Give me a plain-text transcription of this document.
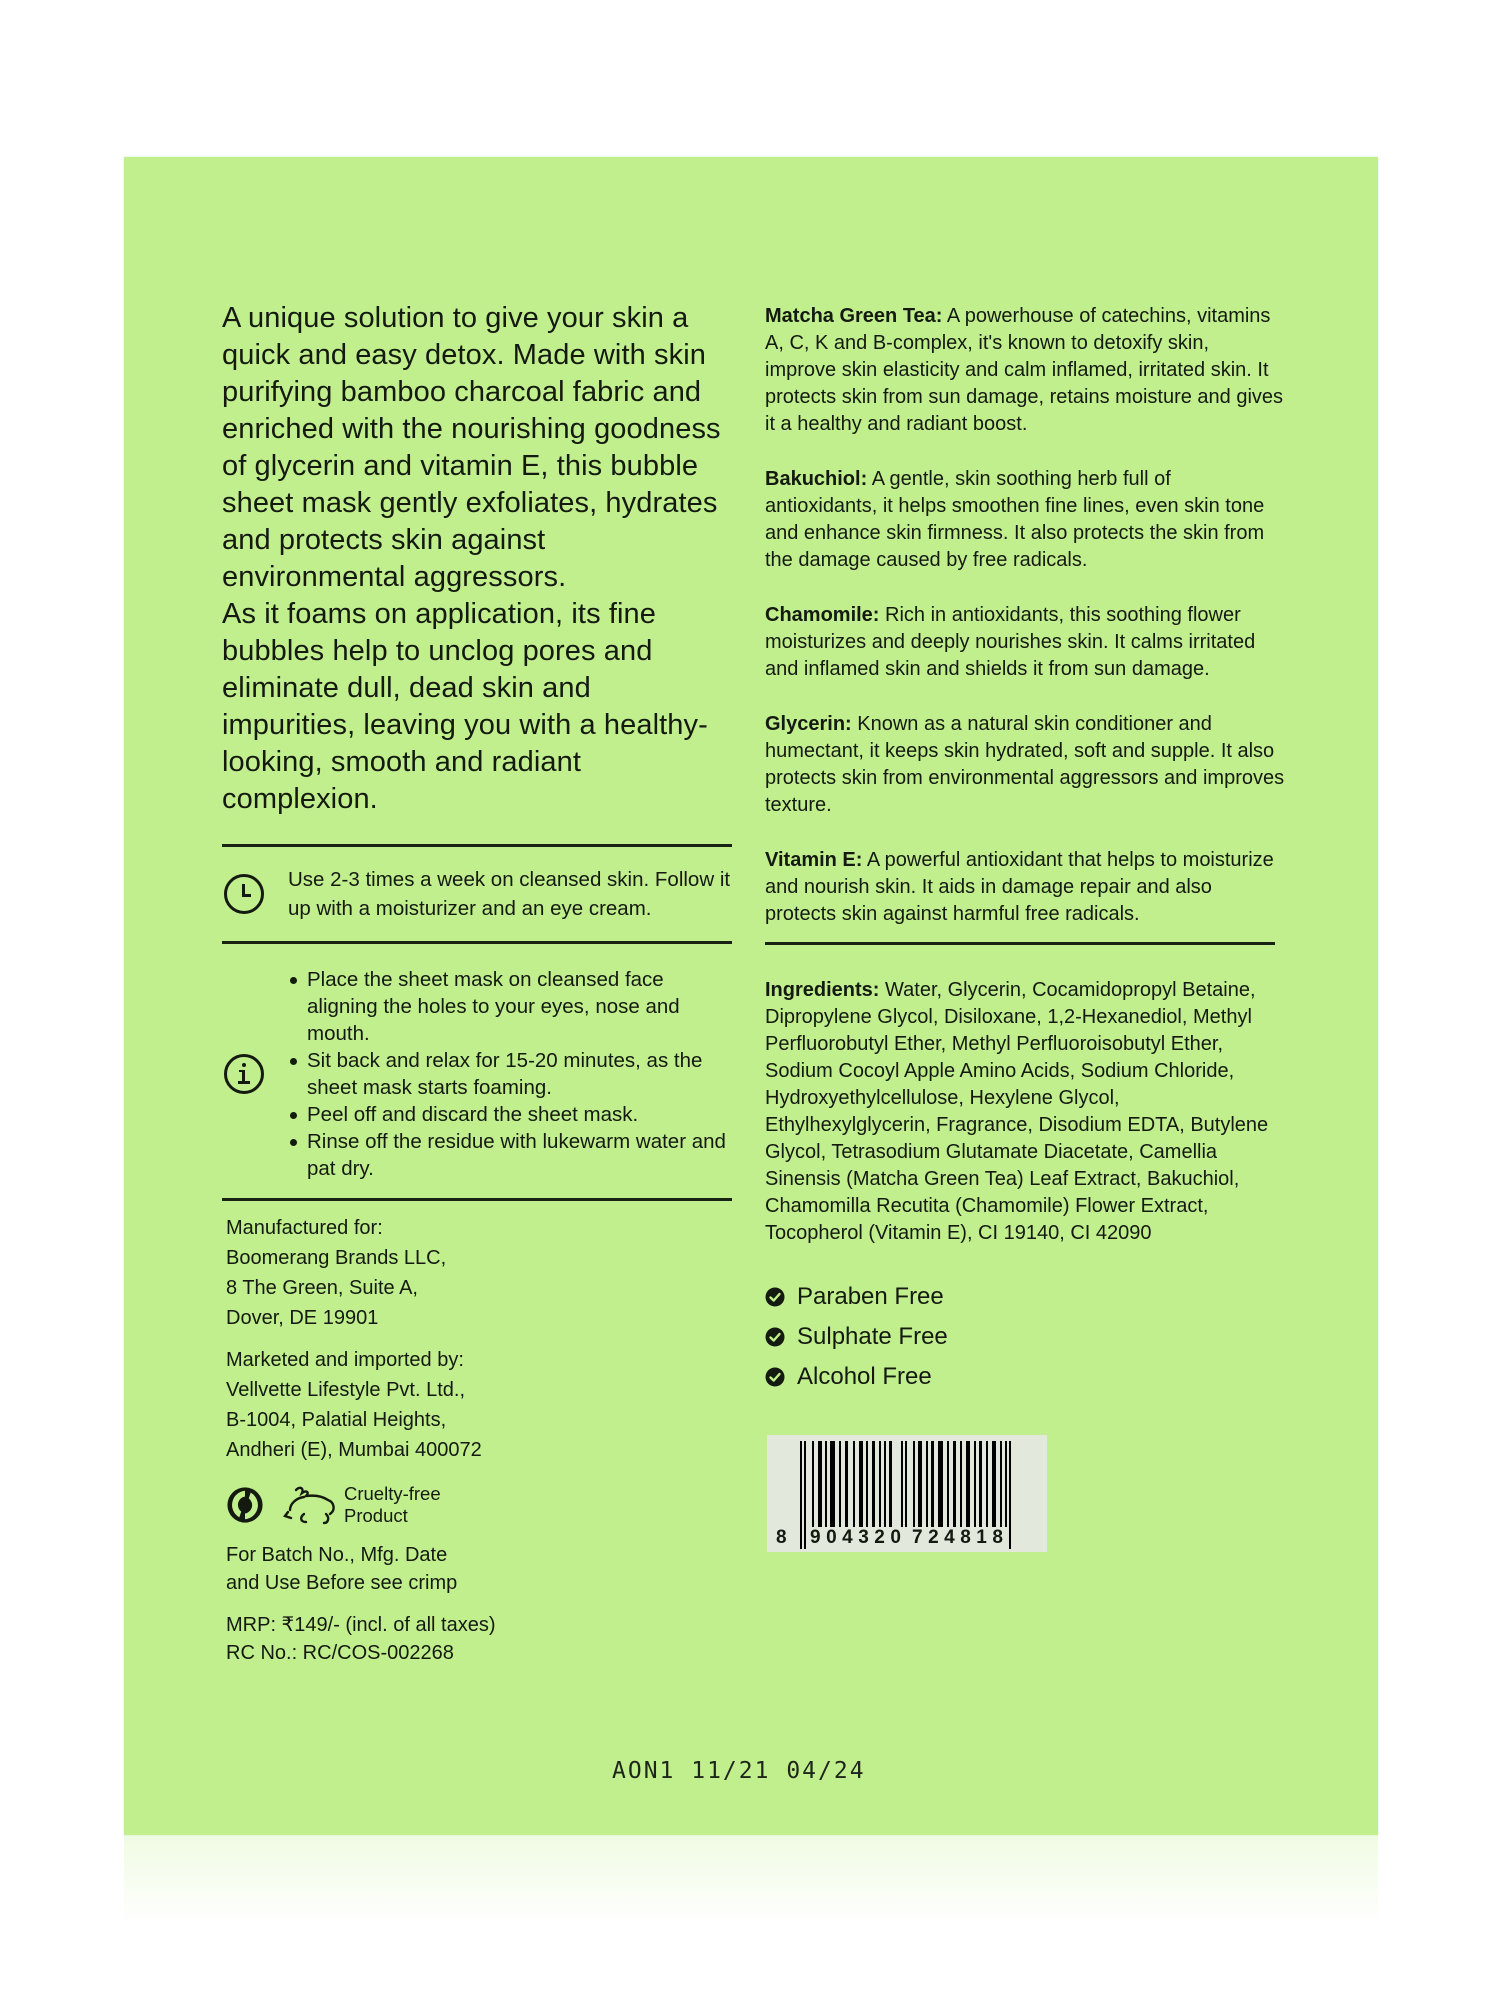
A unique solution to give your skin a quick and easy detox. Made with skin purifying bamboo charcoal fabric and enriched with the nourishing goodness of glycerin and vitamin E, this bubble sheet mask gently exfoliates, hydrates and protects skin against environmental aggressors.

As it foams on application, its fine bubbles help to unclog pores and eliminate dull, dead skin and impurities, leaving you with a healthy-looking, smooth and radiant complexion.

Use 2-3 times a week on cleansed skin. Follow it up with a moisturizer and an eye cream.
Place the sheet mask on cleansed face aligning the holes to your eyes, nose and mouth.
Sit back and relax for 15-20 minutes, as the sheet mask starts foaming.
Peel off and discard the sheet mask.
Rinse off the residue with lukewarm water and pat dry.

Manufactured for:

Boomerang Brands LLC,

8 The Green, Suite A,

Dover, DE 19901

Marketed and imported by:

Vellvette Lifestyle Pvt. Ltd.,

B-1004, Palatial Heights,

Andheri (E), Mumbai 400072

Cruelty-free
Product
For Batch No., Mfg. Date
and Use Before see crimp
MRP: ₹149/- (incl. of all taxes)
RC No.: RC/COS-002268

Matcha Green Tea: A powerhouse of catechins, vitamins A, C, K and B-complex, it's known to detoxify skin, improve skin elasticity and calm inflamed, irritated skin. It protects skin from sun damage, retains moisture and gives it a healthy and radiant boost.

Bakuchiol: A gentle, skin soothing herb full of antioxidants, it helps smoothen fine lines, even skin tone and enhance skin firmness. It also protects the skin from the damage caused by free radicals.

Chamomile: Rich in antioxidants, this soothing flower moisturizes and deeply nourishes skin. It calms irritated and inflamed skin and shields it from sun damage.

Glycerin: Known as a natural skin conditioner and humectant, it keeps skin hydrated, soft and supple. It also protects skin from environmental aggressors and improves texture.

Vitamin E: A powerful antioxidant that helps to moisturize and nourish skin. It aids in damage repair and also protects skin against harmful free radicals.

Ingredients: Water, Glycerin, Cocamidopropyl Betaine, Dipropylene Glycol, Disiloxane, 1,2-Hexanediol, Methyl Perfluorobutyl Ether, Methyl Perfluoroisobutyl Ether, Sodium Cocoyl Apple Amino Acids, Sodium Chloride, Hydroxyethylcellulose, Hexylene Glycol, Ethylhexylglycerin, Fragrance, Disodium EDTA, Butylene Glycol, Tetrasodium Glutamate Diacetate, Camellia Sinensis (Matcha Green Tea) Leaf Extract, Bakuchiol, Chamomilla Recutita (Chamomile) Flower Extract, Tocopherol (Vitamin E), CI 19140, CI 42090
Paraben Free
Sulphate Free
Alcohol Free
8 904320 724818
AON1 11/21 04/24
